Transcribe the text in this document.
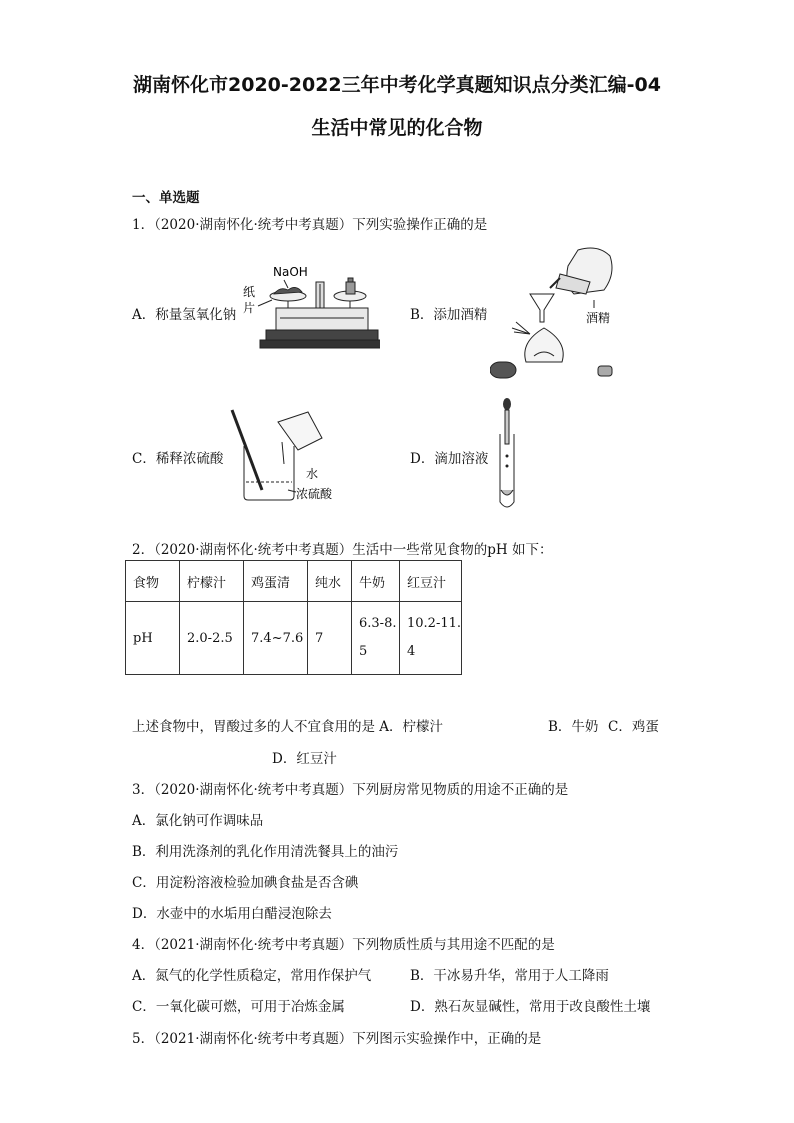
湖南怀化市2020-2022三年中考化学真题知识点分类汇编-04
生活中常见的化合物
一、单选题
1．（2020·湖南怀化·统考中考真题）下列实验操作正确的是
A．称量氢氧化钠	B．添加酒精
C．稀释浓硫酸	D．滴加溶液
NaOH
纸
片
酒精
水
浓硫酸
2．（2020·湖南怀化·统考中考真题）生活中一些常见食物的pH 如下：
食物	柠檬汁	鸡蛋清	纯水	牛奶	红豆汁
pH	2.0-2.5	7.4~7.6	7	6.3-8.5	10.2-11.4
上述食物中，胃酸过多的人不宜食用的是 A．柠檬汁	B．牛奶 C．鸡蛋
D．红豆汁
3．（2020·湖南怀化·统考中考真题）下列厨房常见物质的用途不正确的是
A．氯化钠可作调味品
B．利用洗涤剂的乳化作用清洗餐具上的油污
C．用淀粉溶液检验加碘食盐是否含碘
D．水壶中的水垢用白醋浸泡除去
4．（2021·湖南怀化·统考中考真题）下列物质性质与其用途不匹配的是
A．氮气的化学性质稳定，常用作保护气	B．干冰易升华，常用于人工降雨
C．一氧化碳可燃，可用于冶炼金属	D．熟石灰显碱性，常用于改良酸性土壤
5．（2021·湖南怀化·统考中考真题）下列图示实验操作中，正确的是
